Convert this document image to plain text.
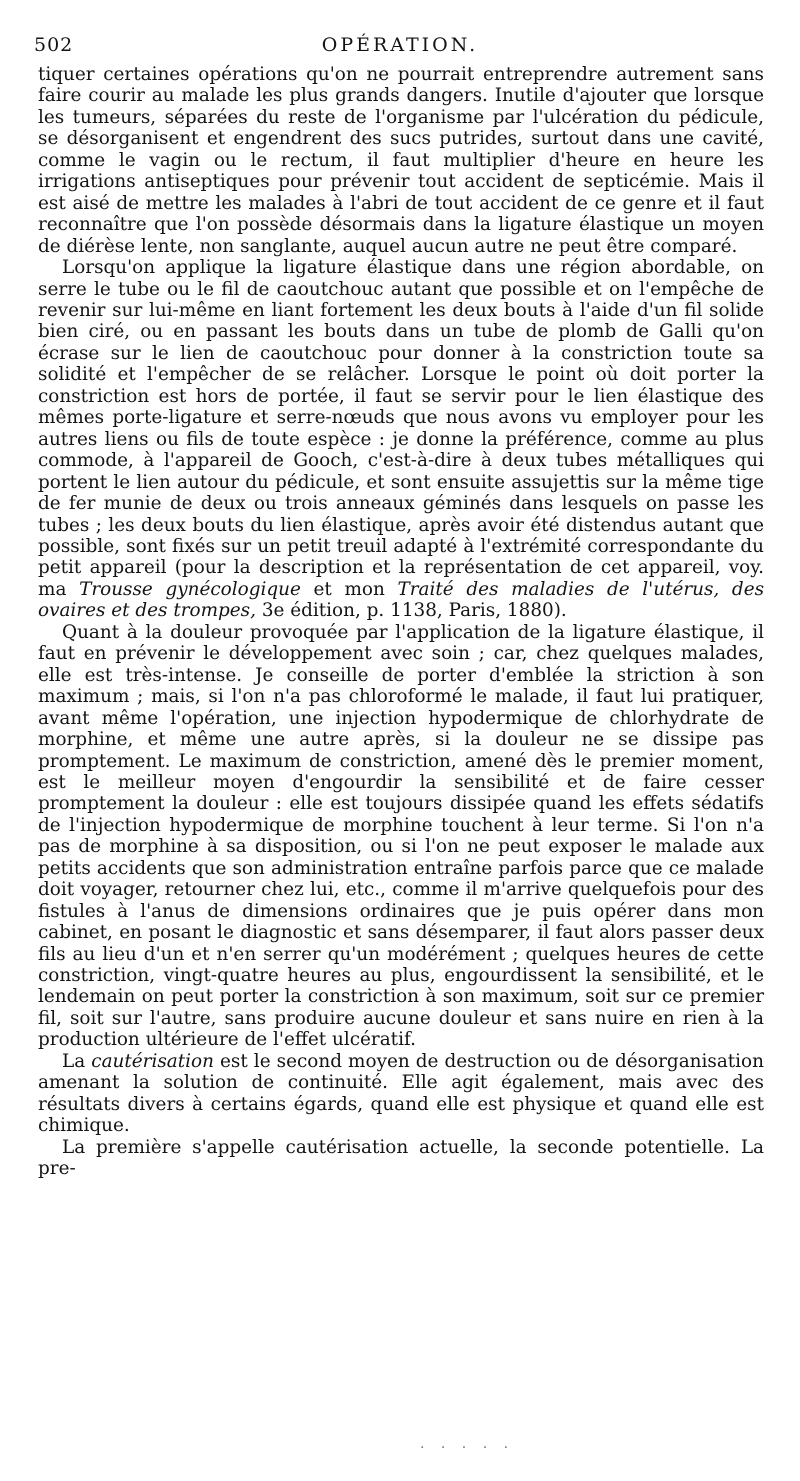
502	OPÉRATION.

tiquer certaines opérations qu'on ne pourrait entreprendre autrement sans faire courir au malade les plus grands dangers. Inutile d'ajouter que lorsque les tumeurs, séparées du reste de l'organisme par l'ulcération du pédicule, se désorganisent et engendrent des sucs putrides, surtout dans une cavité, comme le vagin ou le rectum, il faut multiplier d'heure en heure les irrigations antiseptiques pour prévenir tout accident de septicémie. Mais il est aisé de mettre les malades à l'abri de tout accident de ce genre et il faut reconnaître que l'on possède désormais dans la ligature élastique un moyen de diérèse lente, non sanglante, auquel aucun autre ne peut être comparé.

Lorsqu'on applique la ligature élastique dans une région abordable, on serre le tube ou le fil de caoutchouc autant que possible et on l'empêche de revenir sur lui-même en liant fortement les deux bouts à l'aide d'un fil solide bien ciré, ou en passant les bouts dans un tube de plomb de Galli qu'on écrase sur le lien de caoutchouc pour donner à la constriction toute sa solidité et l'empêcher de se relâcher. Lorsque le point où doit porter la constriction est hors de portée, il faut se servir pour le lien élastique des mêmes porte-ligature et serre-nœuds que nous avons vu employer pour les autres liens ou fils de toute espèce : je donne la préférence, comme au plus commode, à l'appareil de Gooch, c'est-à-dire à deux tubes métalliques qui portent le lien autour du pédicule, et sont ensuite assujettis sur la même tige de fer munie de deux ou trois anneaux géminés dans lesquels on passe les tubes ; les deux bouts du lien élastique, après avoir été distendus autant que possible, sont fixés sur un petit treuil adapté à l'extrémité correspondante du petit appareil (pour la description et la représentation de cet appareil, voy. ma Trousse gynécologique et mon Traité des maladies de l'utérus, des ovaires et des trompes, 3e édition, p. 1138, Paris, 1880).

Quant à la douleur provoquée par l'application de la ligature élastique, il faut en prévenir le développement avec soin ; car, chez quelques malades, elle est très-intense. Je conseille de porter d'emblée la striction à son maximum ; mais, si l'on n'a pas chloroformé le malade, il faut lui pratiquer, avant même l'opération, une injection hypodermique de chlorhydrate de morphine, et même une autre après, si la douleur ne se dissipe pas promptement. Le maximum de constriction, amené dès le premier moment, est le meilleur moyen d'engourdir la sensibilité et de faire cesser promptement la douleur : elle est toujours dissipée quand les effets sédatifs de l'injection hypodermique de morphine touchent à leur terme. Si l'on n'a pas de morphine à sa disposition, ou si l'on ne peut exposer le malade aux petits accidents que son administration entraîne parfois parce que ce malade doit voyager, retourner chez lui, etc., comme il m'arrive quelquefois pour des fistules à l'anus de dimensions ordinaires que je puis opérer dans mon cabinet, en posant le diagnostic et sans désemparer, il faut alors passer deux fils au lieu d'un et n'en serrer qu'un modérément ; quelques heures de cette constriction, vingt-quatre heures au plus, engourdissent la sensibilité, et le lendemain on peut porter la constriction à son maximum, soit sur ce premier fil, soit sur l'autre, sans produire aucune douleur et sans nuire en rien à la production ultérieure de l'effet ulcératif.

La cautérisation est le second moyen de destruction ou de désorganisation amenant la solution de continuité. Elle agit également, mais avec des résultats divers à certains égards, quand elle est physique et quand elle est chimique.

La première s'appelle cautérisation actuelle, la seconde potentielle. La pre-

. . . . .
